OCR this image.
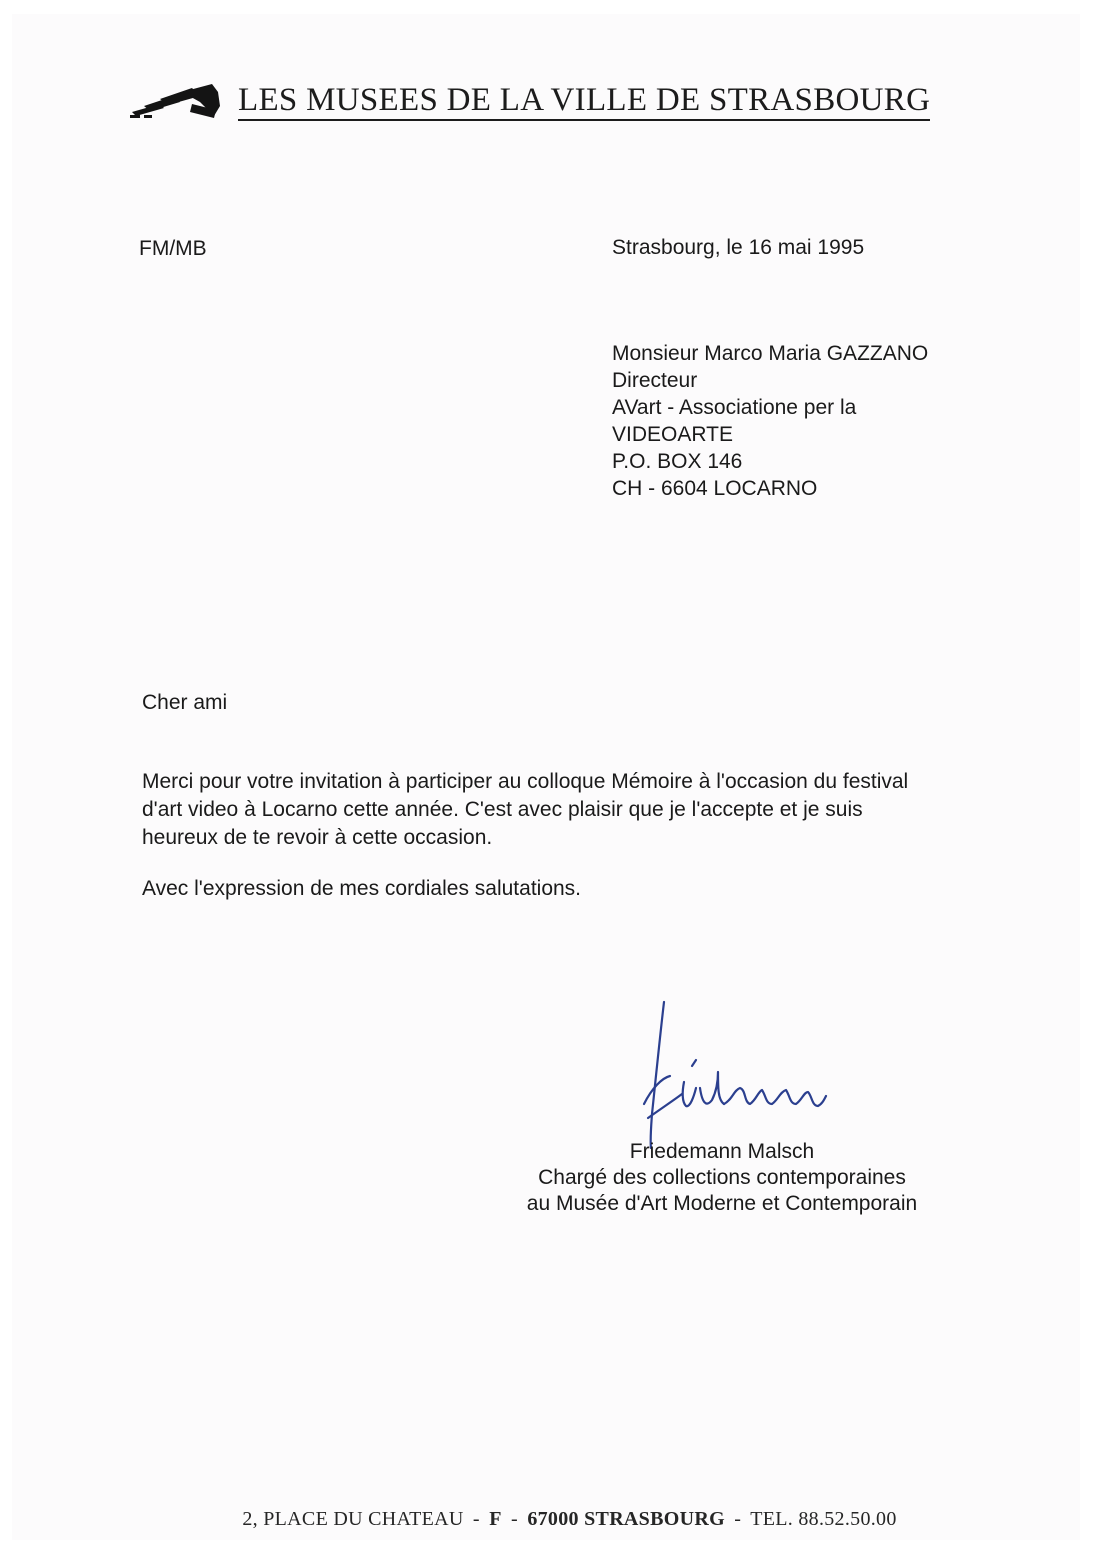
LES MUSEES DE LA VILLE DE STRASBOURG
FM/MB	Strasbourg, le 16 mai 1995
Monsieur Marco Maria GAZZANO
Directeur
AVart - Associatione per la
VIDEOARTE
P.O. BOX 146
CH - 6604 LOCARNO
Cher ami
Merci pour votre invitation à participer au colloque Mémoire à l'occasion du festival
d'art video à Locarno cette année. C'est avec plaisir que je l'accepte et je suis
heureux de te revoir à cette occasion.
Avec l'expression de mes cordiales salutations.
Friedemann Malsch
Chargé des collections contemporaines
au Musée d'Art Moderne et Contemporain
2, PLACE DU CHATEAU - F - 67000 STRASBOURG - TEL. 88.52.50.00
